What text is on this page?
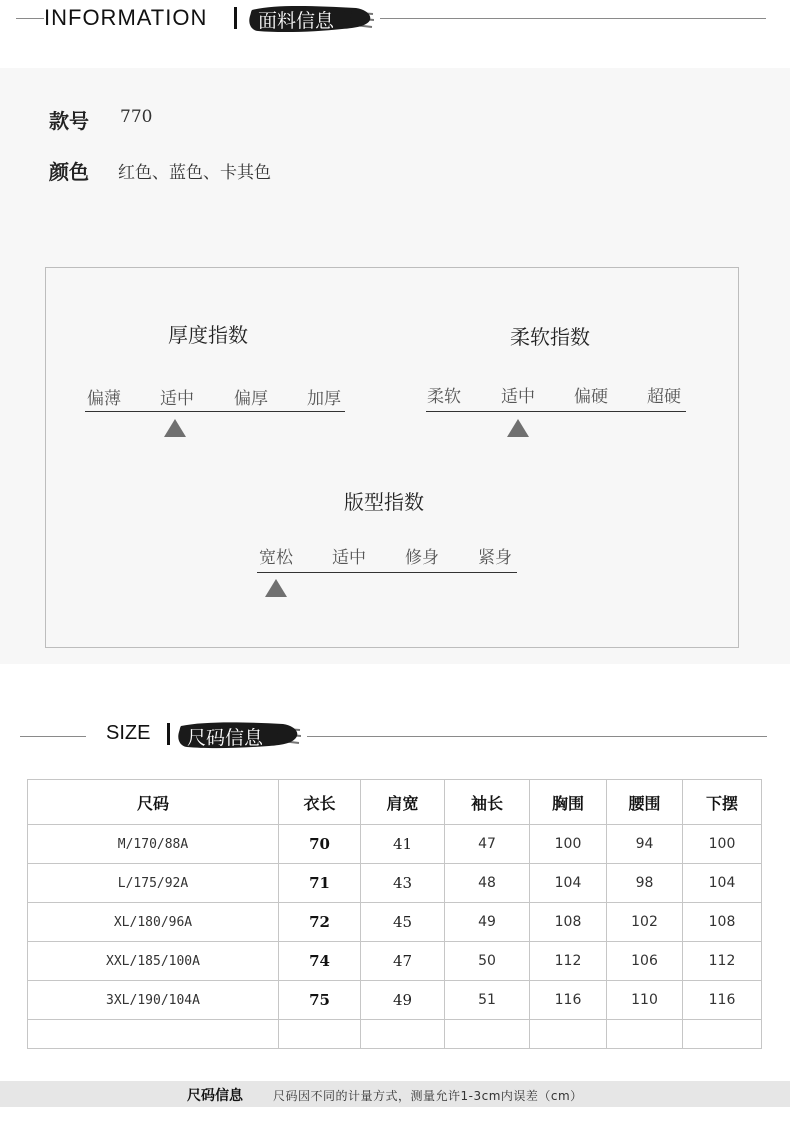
INFORMATION	面料信息
款号 770
颜色 红色、蓝色、卡其色
厚度指数
偏薄 适中 偏厚 加厚
柔软指数
柔软 适中 偏硬 超硬
版型指数
宽松 适中 修身 紧身
SIZE 尺码信息
尺码	衣长	肩宽	袖长	胸围	腰围	下摆
M/170/88A	70	41	47	100	94	100
L/175/92A	71	43	48	104	98	104
XL/180/96A	72	45	49	108	102	108
XXL/185/100A	74	47	50	112	106	112
3XL/190/104A	75	49	51	116	110	116

尺码信息	尺码因不同的计量方式，测量允许1-3cm内误差（cm）
